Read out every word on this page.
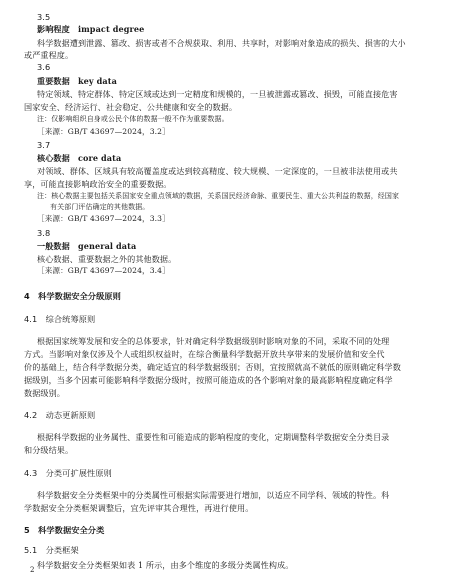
3.5
影响程度　impact degree
科学数据遭到泄露、篡改、损害或者不合规获取、利用、共享时，对影响对象造成的损失、损害的大小
或严重程度。
3.6
重要数据　key data
特定领域、特定群体、特定区域或达到一定精度和规模的，一旦被泄露或篡改、损毁，可能直接危害
国家安全、经济运行、社会稳定、公共健康和安全的数据。
注：仅影响组织自身或公民个体的数据一般不作为重要数据。
［来源：GB/T 43697—2024，3.2］
3.7
核心数据　core data
对领域、群体、区域具有较高覆盖度或达到较高精度、较大规模、一定深度的，一旦被非法使用或共
享，可能直接影响政治安全的重要数据。
注：核心数据主要包括关系国家安全重点领域的数据，关系国民经济命脉、重要民生、重大公共利益的数据，经国家
有关部门评估确定的其他数据。
［来源：GB/T 43697—2024，3.3］
3.8
一般数据　general data
核心数据、重要数据之外的其他数据。
［来源：GB/T 43697—2024，3.4］
4　科学数据安全分级原则
4.1　综合统筹原则
根据国家统筹发展和安全的总体要求，针对确定科学数据级别时影响对象的不同，采取不同的处理
方式。当影响对象仅涉及个人或组织权益时，在综合衡量科学数据开放共享带来的发展价值和安全代
价的基础上，结合科学数据分类，确定适宜的科学数据级别；否则，宜按照就高不就低的原则确定科学数
据级别，当多个因素可能影响科学数据分级时，按照可能造成的各个影响对象的最高影响程度确定科学
数据级别。
4.2　动态更新原则
根据科学数据的业务属性、重要性和可能造成的影响程度的变化，定期调整科学数据安全分类目录
和分级结果。
4.3　分类可扩展性原则
科学数据安全分类框架中的分类属性可根据实际需要进行增加，以适应不同学科、领域的特性。科
学数据安全分类框架调整后，宜先评审其合理性，再进行使用。
5　科学数据安全分类
5.1　分类框架
科学数据安全分类框架如表 1 所示，由多个维度的多级分类属性构成。
2
